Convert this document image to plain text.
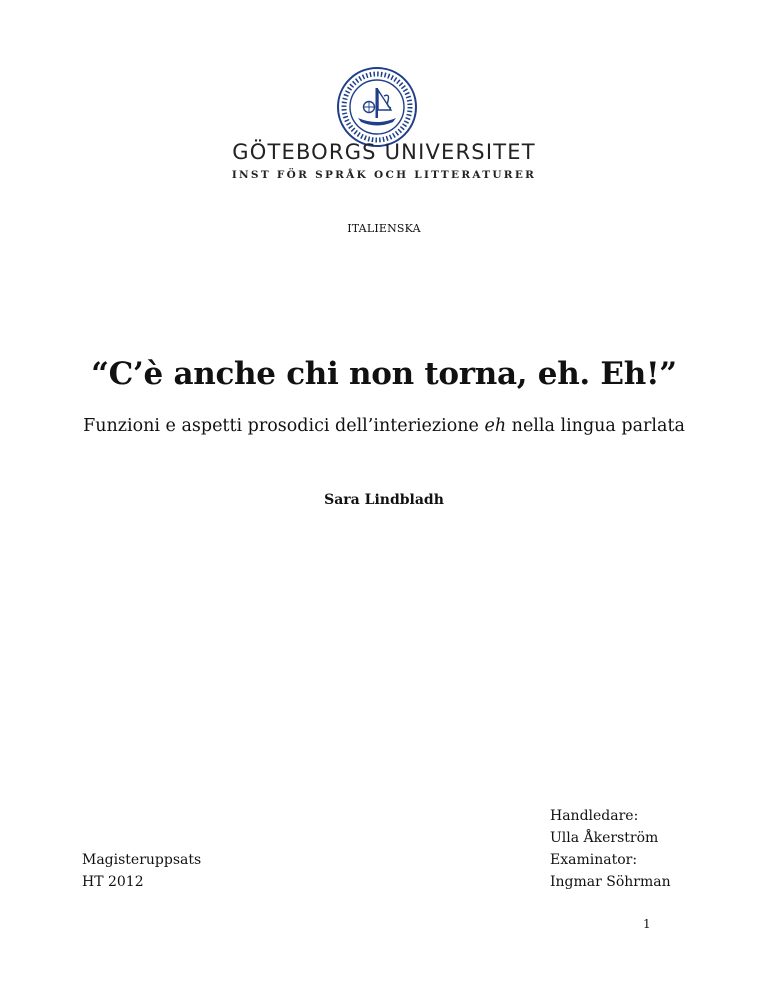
GÖTEBORGS UNIVERSITET
INST FÖR SPRÅK OCH LITTERATURER
ITALIENSKA
“C’è anche chi non torna, eh. Eh!”
Funzioni e aspetti prosodici dell’interiezione eh nella lingua parlata
Sara Lindbladh
Magisteruppsats
HT 2012
Handledare:
Ulla Åkerström
Examinator:
Ingmar Söhrman
1
